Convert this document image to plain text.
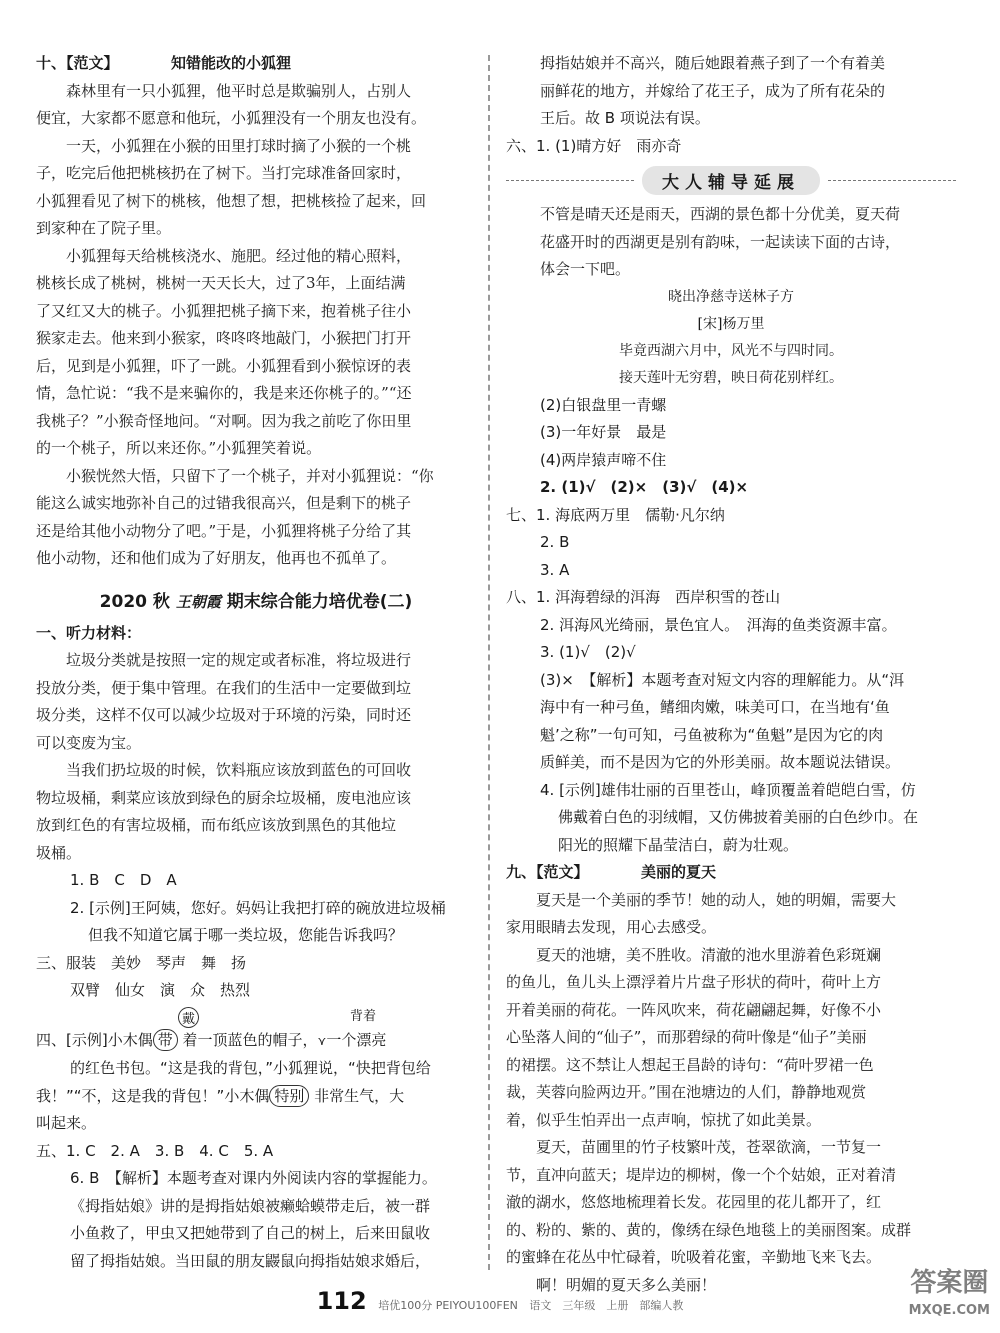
十、【范文】　　　　知错能改的小狐狸
森林里有一只小狐狸，他平时总是欺骗别人，占别人
便宜，大家都不愿意和他玩，小狐狸没有一个朋友也没有。
一天，小狐狸在小猴的田里打球时摘了小猴的一个桃
子，吃完后他把桃核扔在了树下。当打完球准备回家时，
小狐狸看见了树下的桃核，他想了想，把桃核捡了起来，回
到家种在了院子里。
小狐狸每天给桃核浇水、施肥。经过他的精心照料，
桃核长成了桃树，桃树一天天长大，过了3年，上面结满
了又红又大的桃子。小狐狸把桃子摘下来，抱着桃子往小
猴家走去。他来到小猴家，咚咚咚地敲门，小猴把门打开
后，见到是小狐狸，吓了一跳。小狐狸看到小猴惊讶的表
情，急忙说：“我不是来骗你的，我是来还你桃子的。”“还
我桃子？”小猴奇怪地问。“对啊。因为我之前吃了你田里
的一个桃子，所以来还你。”小狐狸笑着说。
小猴恍然大悟，只留下了一个桃子，并对小狐狸说：“你
能这么诚实地弥补自己的过错我很高兴，但是剩下的桃子
还是给其他小动物分了吧。”于是，小狐狸将桃子分给了其
他小动物，还和他们成为了好朋友，他再也不孤单了。
2020 秋 王朝霞 期末综合能力培优卷(二)
一、听力材料：
垃圾分类就是按照一定的规定或者标准，将垃圾进行
投放分类，便于集中管理。在我们的生活中一定要做到垃
圾分类，这样不仅可以减少垃圾对于环境的污染，同时还
可以变废为宝。
当我们扔垃圾的时候，饮料瓶应该放到蓝色的可回收
物垃圾桶，剩菜应该放到绿色的厨余垃圾桶，废电池应该
放到红色的有害垃圾桶，而布纸应该放到黑色的其他垃
圾桶。
1. B　C　D　A
2. [示例]王阿姨，您好。妈妈让我把打碎的碗放进垃圾桶
但我不知道它属于哪一类垃圾，您能告诉我吗？
三、服装　美妙　琴声　舞　扬
双臂　仙女　演　众　热烈
戴	背着
四、[示例]小木偶 带 着一顶蓝色的帽子，⋎一个漂亮
的红色书包。“这是我的背包，”小狐狸说，“快把背包给
我！”“不，这是我的背包！”小木偶 特别 非常生气，大
叫起来。
五、1. C　2. A　3. B　4. C　5. A
6. B　【解析】本题考查对课内外阅读内容的掌握能力。
《拇指姑娘》讲的是拇指姑娘被癞蛤蟆带走后，被一群
小鱼救了，甲虫又把她带到了自己的树上，后来田鼠收
留了拇指姑娘。当田鼠的朋友鼹鼠向拇指姑娘求婚后，
拇指姑娘并不高兴，随后她跟着燕子到了一个有着美
丽鲜花的地方，并嫁给了花王子，成为了所有花朵的
王后。故 B 项说法有误。
六、1. (1)晴方好　雨亦奇
大人辅导延展
不管是晴天还是雨天，西湖的景色都十分优美，夏天荷
花盛开时的西湖更是别有韵味，一起读读下面的古诗，
体会一下吧。
晓出净慈寺送林子方
[宋]杨万里
毕竟西湖六月中，风光不与四时同。
接天莲叶无穷碧，映日荷花别样红。
(2)白银盘里一青螺
(3)一年好景　最是
(4)两岸猿声啼不住
2. (1)√　(2)×　(3)√　(4)×
七、1. 海底两万里　儒勒·凡尔纳
2. B
3. A
八、1. 洱海碧绿的洱海　西岸积雪的苍山
2. 洱海风光绮丽，景色宜人。　洱海的鱼类资源丰富。
3. (1)√　(2)√
(3)×　【解析】本题考查对短文内容的理解能力。从“洱
海中有一种弓鱼，鳍细肉嫩，味美可口，在当地有‘鱼
魁’之称”一句可知，弓鱼被称为“鱼魁”是因为它的肉
质鲜美，而不是因为它的外形美丽。故本题说法错误。
4. [示例]雄伟壮丽的百里苍山，峰顶覆盖着皑皑白雪，仿
佛戴着白色的羽绒帽，又仿佛披着美丽的白色纱巾。在
阳光的照耀下晶莹洁白，蔚为壮观。
九、【范文】　　　　美丽的夏天
夏天是一个美丽的季节！她的动人，她的明媚，需要大
家用眼睛去发现，用心去感受。
夏天的池塘，美不胜收。清澈的池水里游着色彩斑斓
的鱼儿，鱼儿头上漂浮着片片盘子形状的荷叶，荷叶上方
开着美丽的荷花。一阵风吹来，荷花翩翩起舞，好像不小
心坠落人间的“仙子”，而那碧绿的荷叶像是“仙子”美丽
的裙摆。这不禁让人想起王昌龄的诗句：“荷叶罗裙一色
裁，芙蓉向脸两边开。”围在池塘边的人们，静静地观赏
着，似乎生怕弄出一点声响，惊扰了如此美景。
夏天，苗圃里的竹子枝繁叶茂，苍翠欲滴，一节复一
节，直冲向蓝天；堤岸边的柳树，像一个个姑娘，正对着清
澈的湖水，悠悠地梳理着长发。花园里的花儿都开了，红
的、粉的、紫的、黄的，像绣在绿色地毯上的美丽图案。成群
的蜜蜂在花丛中忙碌着，吮吸着花蜜，辛勤地飞来飞去。
啊！明媚的夏天多么美丽！
112 培优100分 PEIYOU100FEN 语文　三年级　上册　部编人教
答案圈
MXQE.COM
